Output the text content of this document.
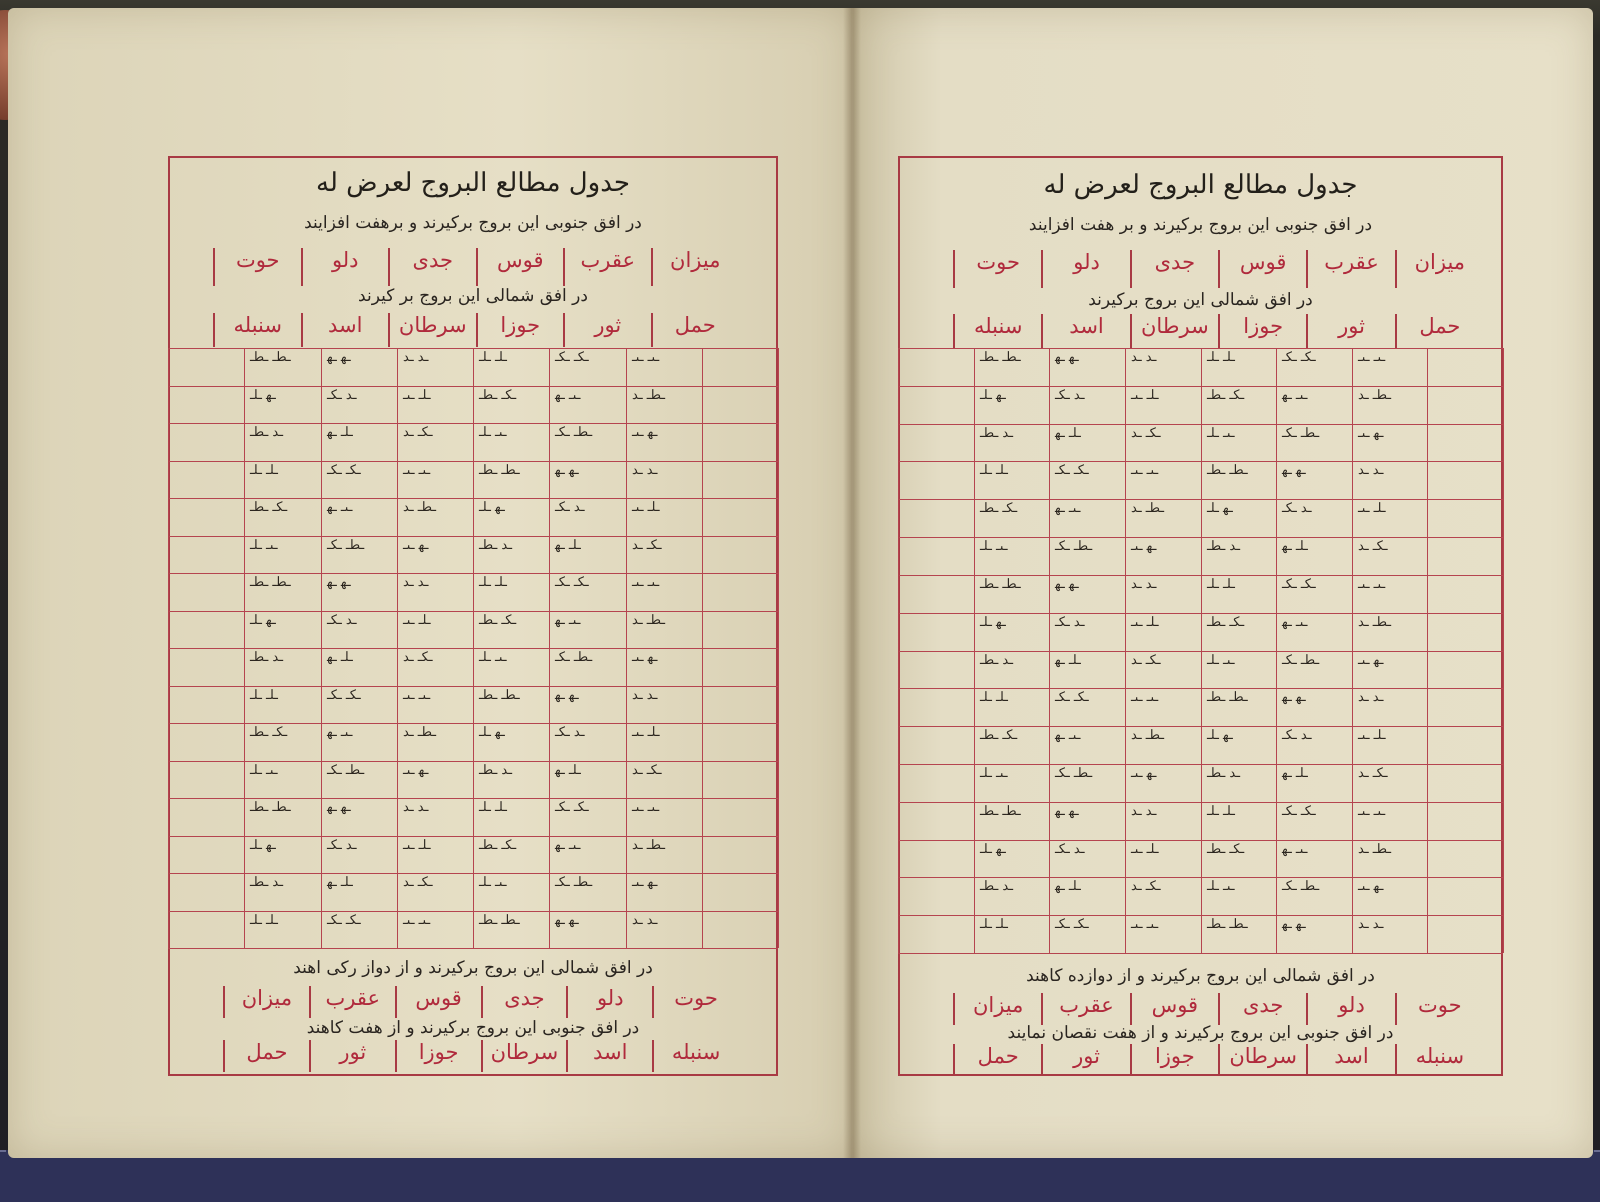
جدول مطالع البروج لعرض له
در افق جنوبی این بروج برکیرند و برهفت افزایند
میزان
عقرب
قوس
جدی
دلو
حوت
در افق شمالی این بروج بر کیرند
حمل
ثور
جوزا
سرطان
اسد
سنبله
ـطـ ـطـ	ـه‍ ـه‍	ـد‍ ـد‍	ـلـ ـلـ	ـکـ ـکـ	ـٮـ ـٮـ
ـه‍ ـلـ	ـد‍ ـکـ	ـلـ ـٮـ	ـکـ ـطـ	ـٮـ ـه‍	ـطـ ـد‍
ـد‍ ـطـ	ـلـ ـه‍	ـکـ ـد‍	ـٮـ ـلـ	ـطـ ـکـ	ـه‍ ـٮـ
ـلـ ـلـ	ـکـ ـکـ	ـٮـ ـٮـ	ـطـ ـطـ	ـه‍ ـه‍	ـد‍ ـد‍
ـکـ ـطـ	ـٮـ ـه‍	ـطـ ـد‍	ـه‍ ـلـ	ـد‍ ـکـ	ـلـ ـٮـ
ـٮـ ـلـ	ـطـ ـکـ	ـه‍ ـٮـ	ـد‍ ـطـ	ـلـ ـه‍	ـکـ ـد‍
ـطـ ـطـ	ـه‍ ـه‍	ـد‍ ـد‍	ـلـ ـلـ	ـکـ ـکـ	ـٮـ ـٮـ
ـه‍ ـلـ	ـد‍ ـکـ	ـلـ ـٮـ	ـکـ ـطـ	ـٮـ ـه‍	ـطـ ـد‍
ـد‍ ـطـ	ـلـ ـه‍	ـکـ ـد‍	ـٮـ ـلـ	ـطـ ـکـ	ـه‍ ـٮـ
ـلـ ـلـ	ـکـ ـکـ	ـٮـ ـٮـ	ـطـ ـطـ	ـه‍ ـه‍	ـد‍ ـد‍
ـکـ ـطـ	ـٮـ ـه‍	ـطـ ـد‍	ـه‍ ـلـ	ـد‍ ـکـ	ـلـ ـٮـ
ـٮـ ـلـ	ـطـ ـکـ	ـه‍ ـٮـ	ـد‍ ـطـ	ـلـ ـه‍	ـکـ ـد‍
ـطـ ـطـ	ـه‍ ـه‍	ـد‍ ـد‍	ـلـ ـلـ	ـکـ ـکـ	ـٮـ ـٮـ
ـه‍ ـلـ	ـد‍ ـکـ	ـلـ ـٮـ	ـکـ ـطـ	ـٮـ ـه‍	ـطـ ـد‍
ـد‍ ـطـ	ـلـ ـه‍	ـکـ ـد‍	ـٮـ ـلـ	ـطـ ـکـ	ـه‍ ـٮـ
ـلـ ـلـ	ـکـ ـکـ	ـٮـ ـٮـ	ـطـ ـطـ	ـه‍ ـه‍	ـد‍ ـد‍
در افق شمالی این بروج برکیرند و از دواز رکی اهند
حوت
دلو
جدی
قوس
عقرب
میزان
در افق جنوبی این بروج برکیرند و از هفت کاهند
سنبله
اسد
سرطان
جوزا
ثور
حمل
جدول مطالع البروج لعرض له
در افق جنوبی این بروج برکیرند و بر هفت افزایند
میزان
عقرب
قوس
جدی
دلو
حوت
در افق شمالی این بروج برکیرند
حمل
ثور
جوزا
سرطان
اسد
سنبله
ـطـ ـطـ	ـه‍ ـه‍	ـد‍ ـد‍	ـلـ ـلـ	ـکـ ـکـ	ـٮـ ـٮـ
ـه‍ ـلـ	ـد‍ ـکـ	ـلـ ـٮـ	ـکـ ـطـ	ـٮـ ـه‍	ـطـ ـد‍
ـد‍ ـطـ	ـلـ ـه‍	ـکـ ـد‍	ـٮـ ـلـ	ـطـ ـکـ	ـه‍ ـٮـ
ـلـ ـلـ	ـکـ ـکـ	ـٮـ ـٮـ	ـطـ ـطـ	ـه‍ ـه‍	ـد‍ ـد‍
ـکـ ـطـ	ـٮـ ـه‍	ـطـ ـد‍	ـه‍ ـلـ	ـد‍ ـکـ	ـلـ ـٮـ
ـٮـ ـلـ	ـطـ ـکـ	ـه‍ ـٮـ	ـد‍ ـطـ	ـلـ ـه‍	ـکـ ـد‍
ـطـ ـطـ	ـه‍ ـه‍	ـد‍ ـد‍	ـلـ ـلـ	ـکـ ـکـ	ـٮـ ـٮـ
ـه‍ ـلـ	ـد‍ ـکـ	ـلـ ـٮـ	ـکـ ـطـ	ـٮـ ـه‍	ـطـ ـد‍
ـد‍ ـطـ	ـلـ ـه‍	ـکـ ـد‍	ـٮـ ـلـ	ـطـ ـکـ	ـه‍ ـٮـ
ـلـ ـلـ	ـکـ ـکـ	ـٮـ ـٮـ	ـطـ ـطـ	ـه‍ ـه‍	ـد‍ ـد‍
ـکـ ـطـ	ـٮـ ـه‍	ـطـ ـد‍	ـه‍ ـلـ	ـد‍ ـکـ	ـلـ ـٮـ
ـٮـ ـلـ	ـطـ ـکـ	ـه‍ ـٮـ	ـد‍ ـطـ	ـلـ ـه‍	ـکـ ـد‍
ـطـ ـطـ	ـه‍ ـه‍	ـد‍ ـد‍	ـلـ ـلـ	ـکـ ـکـ	ـٮـ ـٮـ
ـه‍ ـلـ	ـد‍ ـکـ	ـلـ ـٮـ	ـکـ ـطـ	ـٮـ ـه‍	ـطـ ـد‍
ـد‍ ـطـ	ـلـ ـه‍	ـکـ ـد‍	ـٮـ ـلـ	ـطـ ـکـ	ـه‍ ـٮـ
ـلـ ـلـ	ـکـ ـکـ	ـٮـ ـٮـ	ـطـ ـطـ	ـه‍ ـه‍	ـد‍ ـد‍
در افق شمالی این بروج برکیرند و از دوازده کاهند
حوت
دلو
جدی
قوس
عقرب
میزان
در افق جنوبی این بروج برکیرند و از هفت نقصان نمایند
سنبله
اسد
سرطان
جوزا
ثور
حمل
